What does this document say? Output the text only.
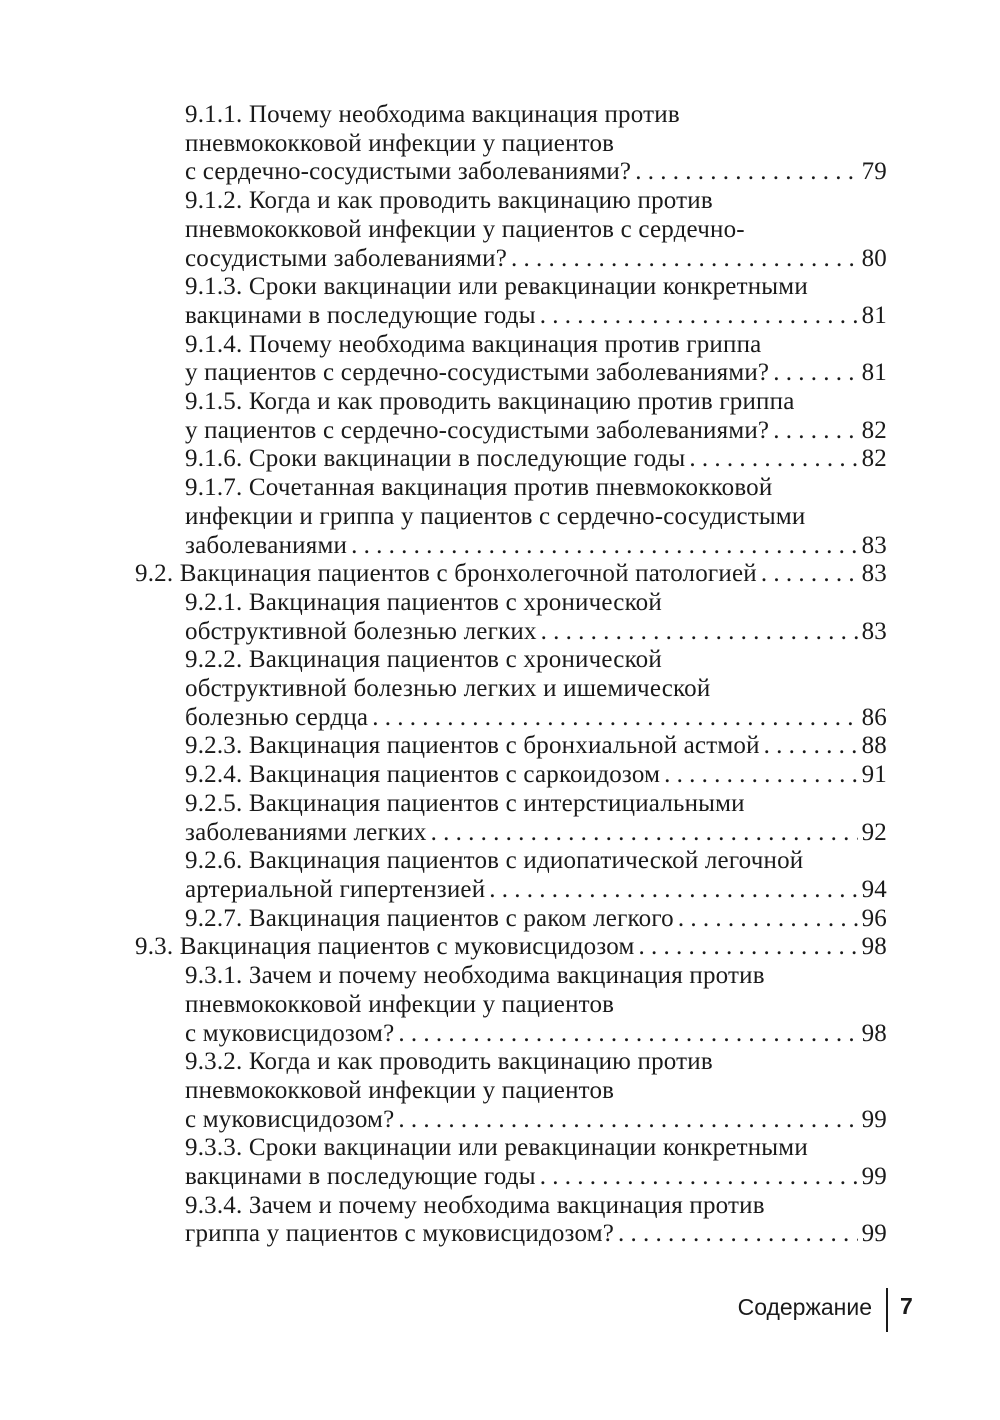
9.1.1. Почему необходима вакцинация против
пневмококковой инфекции у пациентов
с сердечно-сосудистыми заболеваниями? . . .	79
9.1.2. Когда и как проводить вакцинацию против
пневмококковой инфекции у пациентов с сердечно-
сосудистыми заболеваниями? . . .	80
9.1.3. Сроки вакцинации или ревакцинации конкретными
вакцинами в последующие годы . . .	81
9.1.4. Почему необходима вакцинация против гриппа
у пациентов с сердечно-сосудистыми заболеваниями? . . .	81
9.1.5. Когда и как проводить вакцинацию против гриппа
у пациентов с сердечно-сосудистыми заболеваниями? . . .	82
9.1.6. Сроки вакцинации в последующие годы . . .	82
9.1.7. Сочетанная вакцинация против пневмококковой
инфекции и гриппа у пациентов с сердечно-сосудистыми
заболеваниями . . .	83
9.2. Вакцинация пациентов с бронхолегочной патологией . . .	83
9.2.1. Вакцинация пациентов с хронической
обструктивной болезнью легких . . .	83
9.2.2. Вакцинация пациентов с хронической
обструктивной болезнью легких и ишемической
болезнью сердца . . .	86
9.2.3. Вакцинация пациентов с бронхиальной астмой . . .	88
9.2.4. Вакцинация пациентов с саркоидозом . . .	91
9.2.5. Вакцинация пациентов с интерстициальными
заболеваниями легких . . .	92
9.2.6. Вакцинация пациентов с идиопатической легочной
артериальной гипертензией . . .	94
9.2.7. Вакцинация пациентов с раком легкого . . .	96
9.3. Вакцинация пациентов с муковисцидозом . . .	98
9.3.1. Зачем и почему необходима вакцинация против
пневмококковой инфекции у пациентов
с муковисцидозом? . . .	98
9.3.2. Когда и как проводить вакцинацию против
пневмококковой инфекции у пациентов
с муковисцидозом? . . .	99
9.3.3. Сроки вакцинации или ревакцинации конкретными
вакцинами в последующие годы . . .	99
9.3.4. Зачем и почему необходима вакцинация против
гриппа у пациентов с муковисцидозом? . . .	99
Содержание 7
